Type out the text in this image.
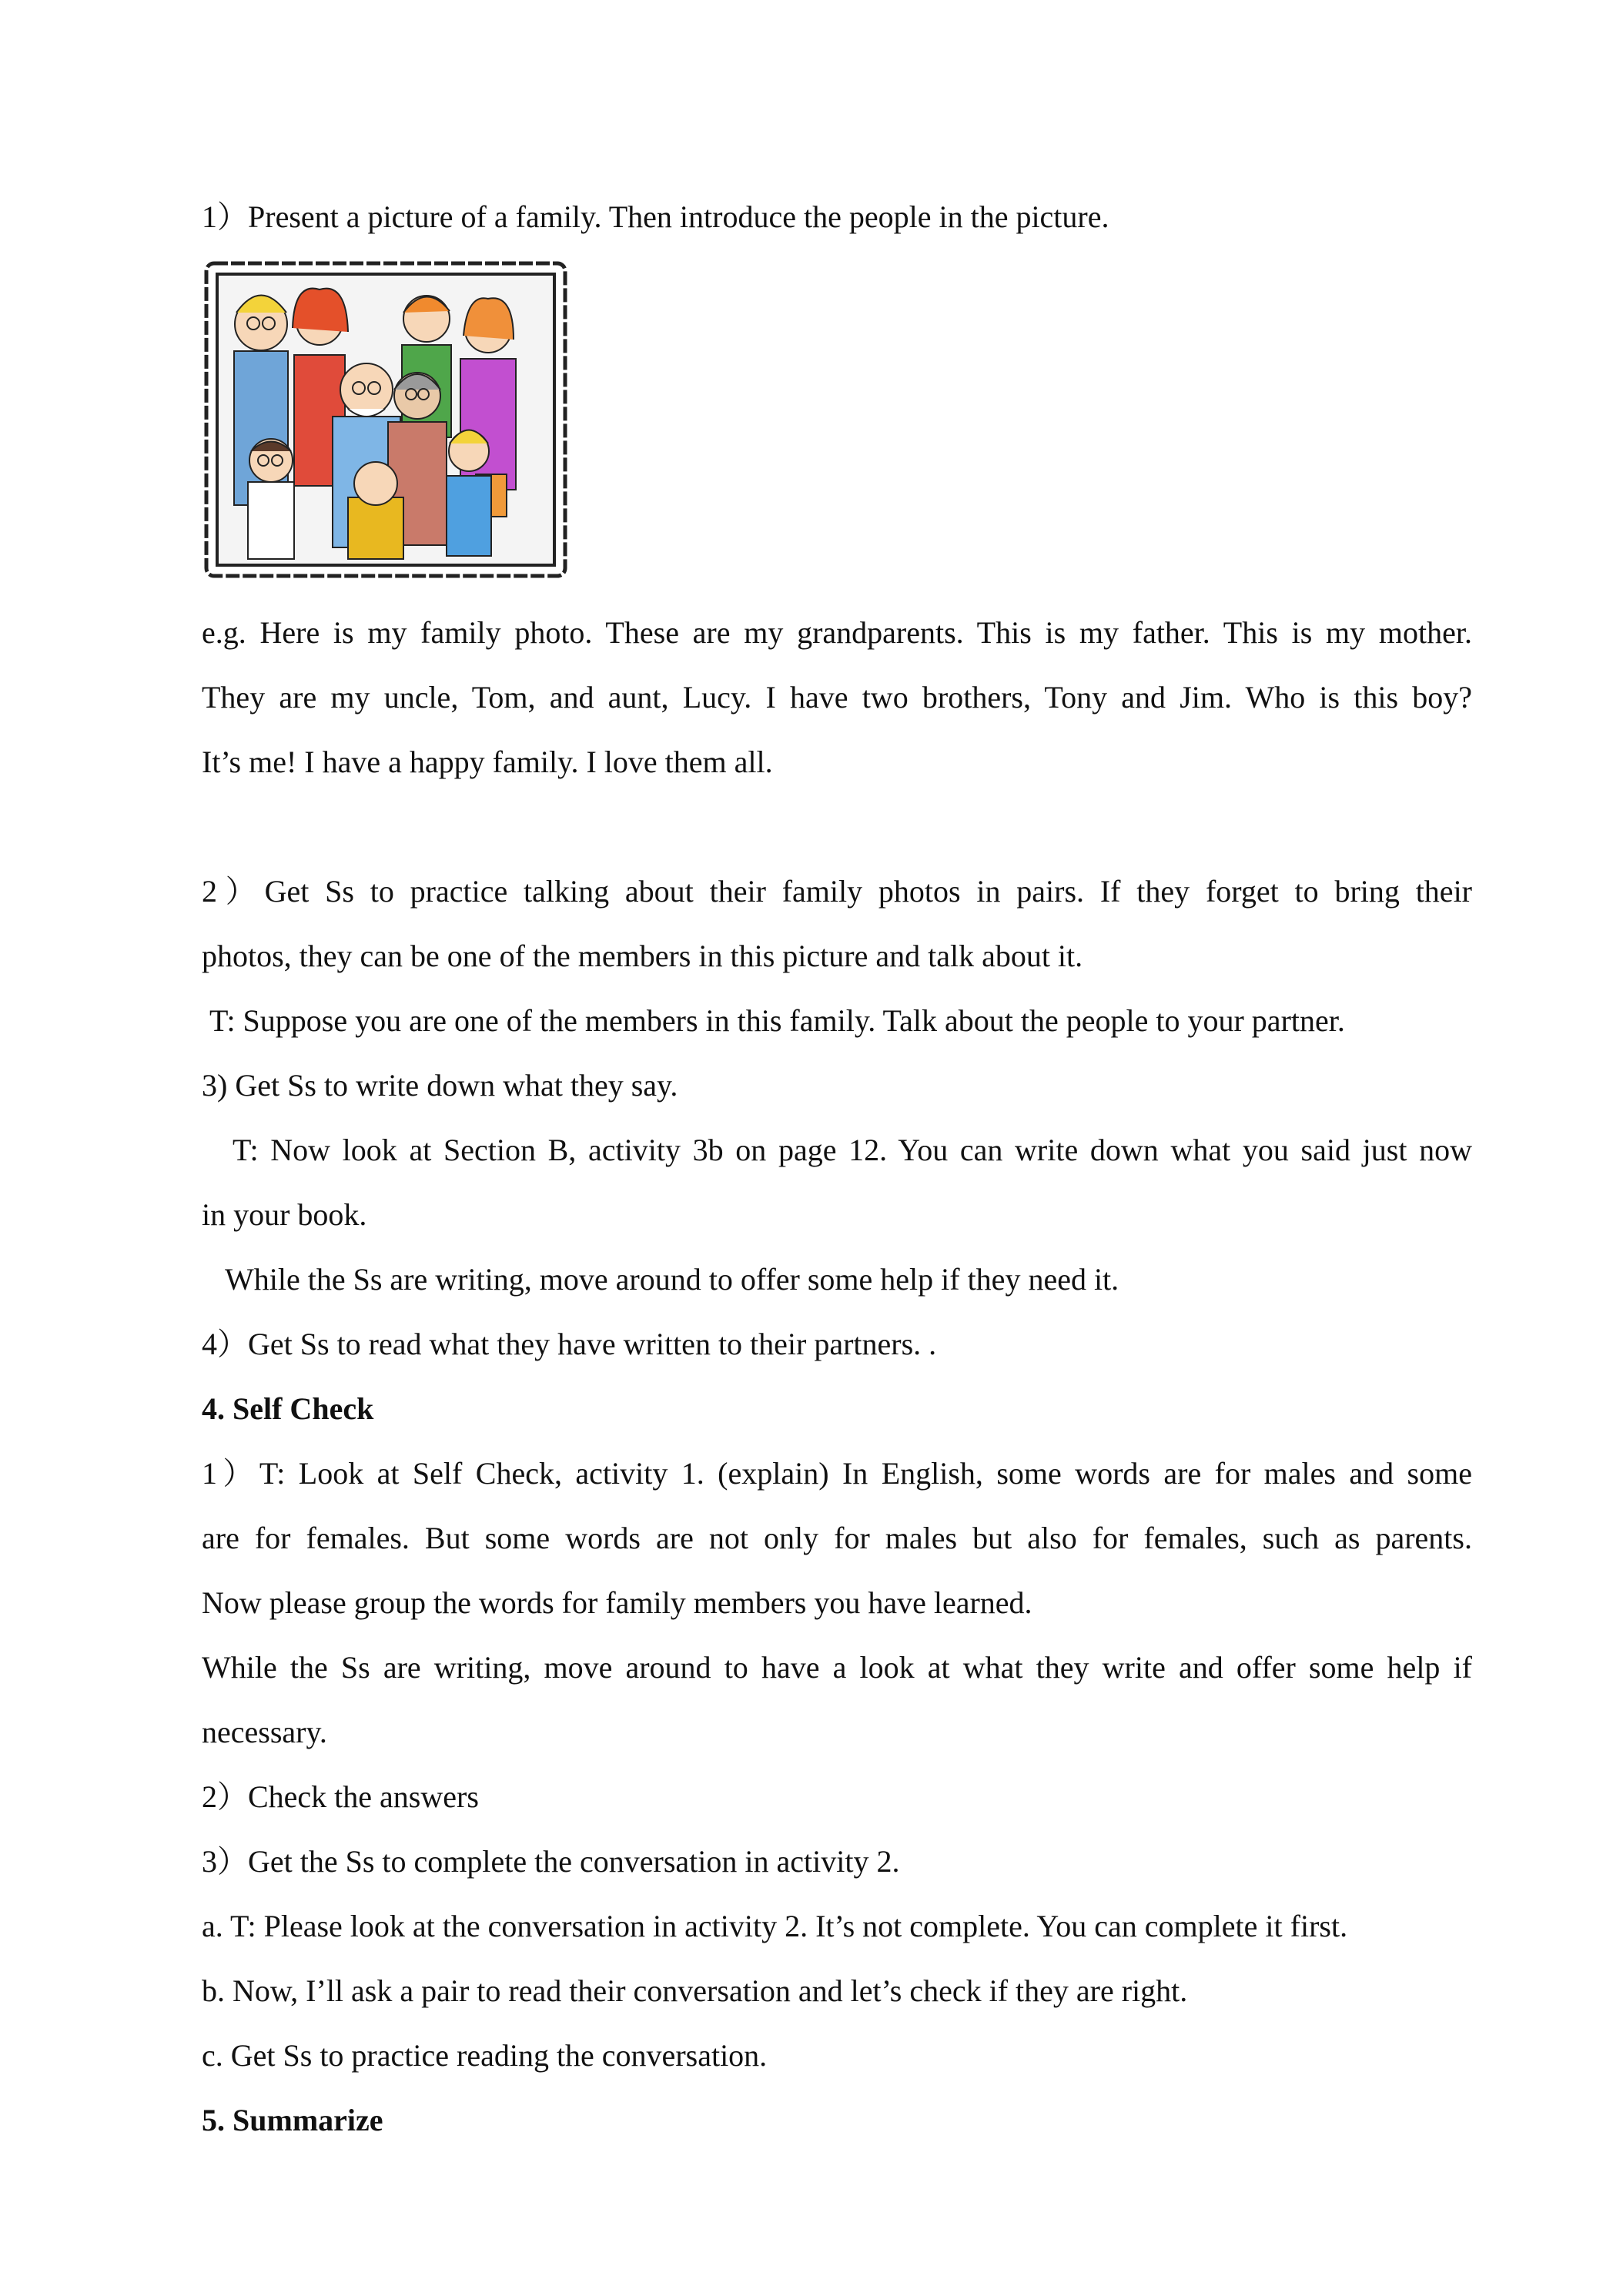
1）Present a picture of a family. Then introduce the people in the picture.
e.g. Here is my family photo. These are my grandparents. This is my father. This is my mother.
They are my uncle, Tom, and aunt, Lucy. I have two brothers, Tony and Jim. Who is this boy?
It’s me! I have a happy family. I love them all.
2）Get Ss to practice talking about their family photos in pairs. If they forget to bring their
photos, they can be one of the members in this picture and talk about it.
T: Suppose you are one of the members in this family. Talk about the people to your partner.
3) Get Ss to write down what they say.
T: Now look at Section B, activity 3b on page 12. You can write down what you said just now
in your book.
While the Ss are writing, move around to offer some help if they need it.
4）Get Ss to read what they have written to their partners. .
4. Self Check
1）T: Look at Self Check, activity 1. (explain) In English, some words are for males and some
are for females. But some words are not only for males but also for females, such as parents.
Now please group the words for family members you have learned.
While the Ss are writing, move around to have a look at what they write and offer some help if
necessary.
2）Check the answers
3）Get the Ss to complete the conversation in activity 2.
a. T: Please look at the conversation in activity 2. It’s not complete. You can complete it first.
b. Now, I’ll ask a pair to read their conversation and let’s check if they are right.
c. Get Ss to practice reading the conversation.
5. Summarize
